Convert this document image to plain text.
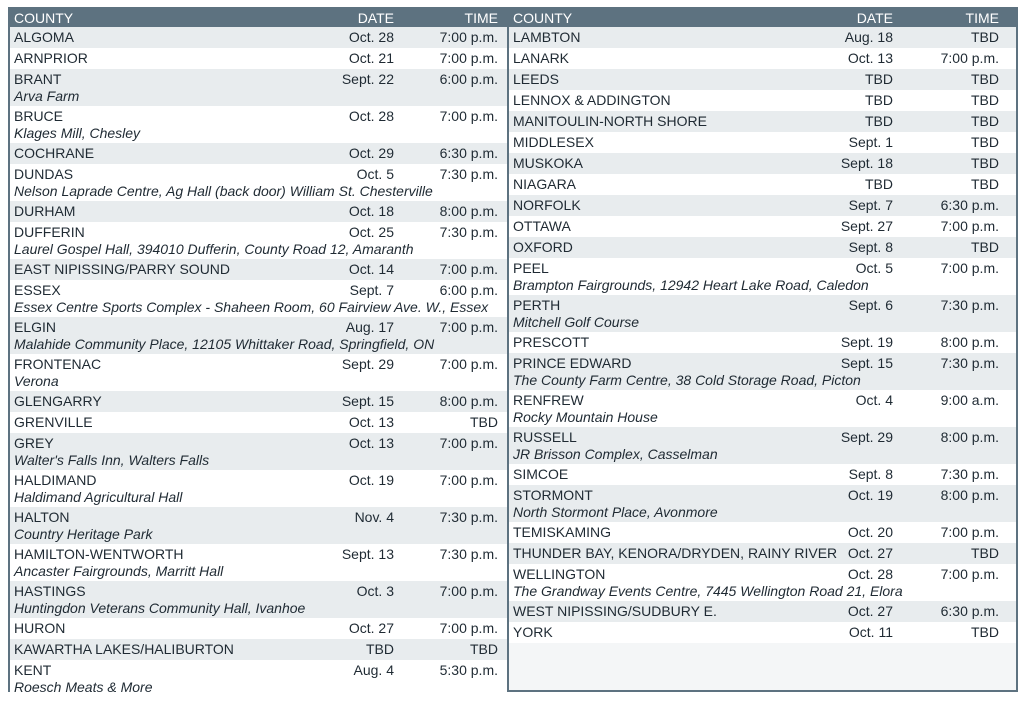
COUNTY	DATE	TIME
ALGOMA	Oct. 28	7:00 p.m.
ARNPRIOR	Oct. 21	7:00 p.m.
BRANT	Sept. 22	6:00 p.m.
Arva Farm
BRUCE	Oct. 28	7:00 p.m.
Klages Mill, Chesley
COCHRANE	Oct. 29	6:30 p.m.
DUNDAS	Oct. 5	7:30 p.m.
Nelson Laprade Centre, Ag Hall (back door) William St. Chesterville
DURHAM	Oct. 18	8:00 p.m.
DUFFERIN	Oct. 25	7:30 p.m.
Laurel Gospel Hall, 394010 Dufferin, County Road 12, Amaranth
EAST NIPISSING/PARRY SOUND	Oct. 14	7:00 p.m.
ESSEX	Sept. 7	6:00 p.m.
Essex Centre Sports Complex - Shaheen Room, 60 Fairview Ave. W., Essex
ELGIN	Aug. 17	7:00 p.m.
Malahide Community Place, 12105 Whittaker Road, Springfield, ON
FRONTENAC	Sept. 29	7:00 p.m.
Verona
GLENGARRY	Sept. 15	8:00 p.m.
GRENVILLE	Oct. 13	TBD
GREY	Oct. 13	7:00 p.m.
Walter's Falls Inn, Walters Falls
HALDIMAND	Oct. 19	7:00 p.m.
Haldimand Agricultural Hall
HALTON	Nov. 4	7:30 p.m.
Country Heritage Park
HAMILTON-WENTWORTH	Sept. 13	7:30 p.m.
Ancaster Fairgrounds, Marritt Hall
HASTINGS	Oct. 3	7:00 p.m.
Huntingdon Veterans Community Hall, Ivanhoe
HURON	Oct. 27	7:00 p.m.
KAWARTHA LAKES/HALIBURTON	TBD	TBD
KENT	Aug. 4	5:30 p.m.
Roesch Meats & More
COUNTY	DATE	TIME
LAMBTON	Aug. 18	TBD
LANARK	Oct. 13	7:00 p.m.
LEEDS	TBD	TBD
LENNOX & ADDINGTON	TBD	TBD
MANITOULIN-NORTH SHORE	TBD	TBD
MIDDLESEX	Sept. 1	TBD
MUSKOKA	Sept. 18	TBD
NIAGARA	TBD	TBD
NORFOLK	Sept. 7	6:30 p.m.
OTTAWA	Sept. 27	7:00 p.m.
OXFORD	Sept. 8	TBD
PEEL	Oct. 5	7:00 p.m.
Brampton Fairgrounds, 12942 Heart Lake Road, Caledon
PERTH	Sept. 6	7:30 p.m.
Mitchell Golf Course
PRESCOTT	Sept. 19	8:00 p.m.
PRINCE EDWARD	Sept. 15	7:30 p.m.
The County Farm Centre, 38 Cold Storage Road, Picton
RENFREW	Oct. 4	9:00 a.m.
Rocky Mountain House
RUSSELL	Sept. 29	8:00 p.m.
JR Brisson Complex, Casselman
SIMCOE	Sept. 8	7:30 p.m.
STORMONT	Oct. 19	8:00 p.m.
North Stormont Place, Avonmore
TEMISKAMING	Oct. 20	7:00 p.m.
THUNDER BAY, KENORA/DRYDEN, RAINY RIVER Oct. 27	TBD
WELLINGTON	Oct. 28	7:00 p.m.
The Grandway Events Centre, 7445 Wellington Road 21, Elora
WEST NIPISSING/SUDBURY E.	Oct. 27	6:30 p.m.
YORK	Oct. 11	TBD
